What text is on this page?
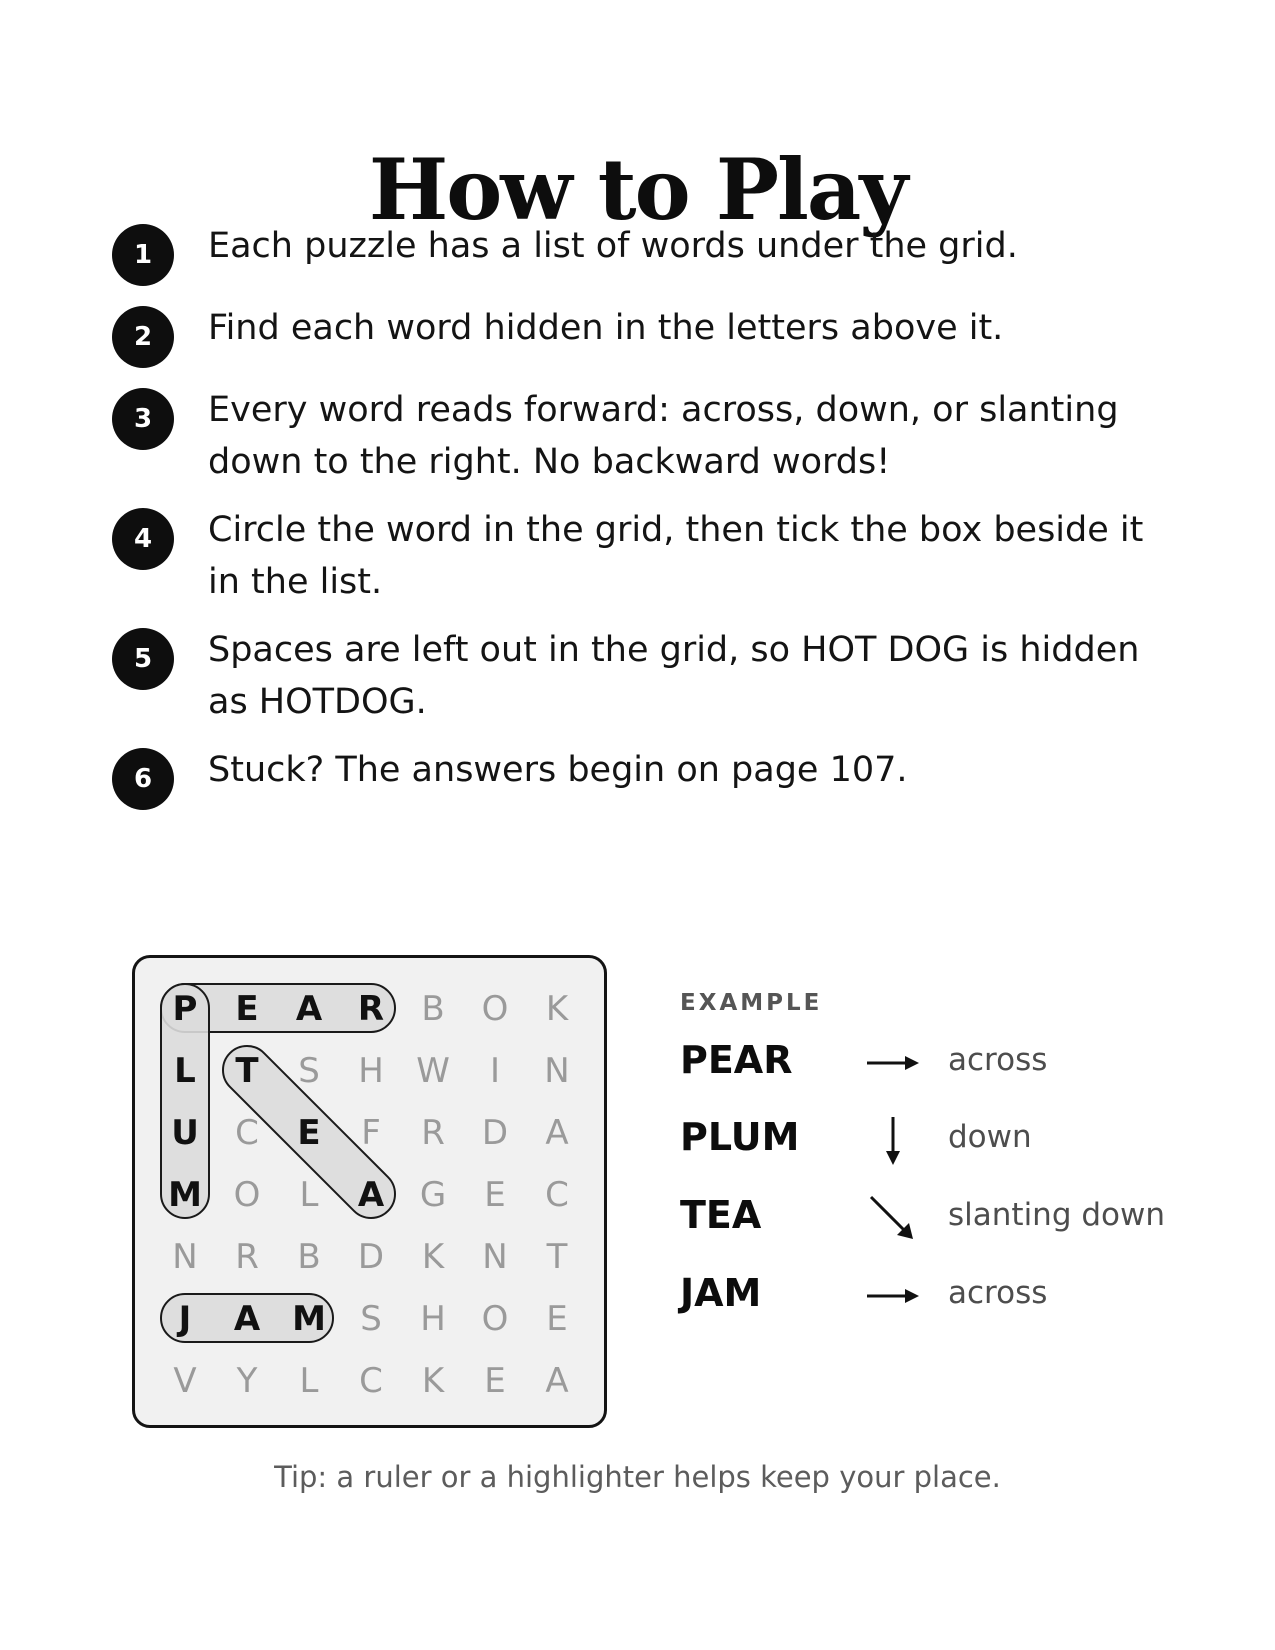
How to Play
1	Each puzzle has a list of words under the grid.
2	Find each word hidden in the letters above it.
3	Every word reads forward: across, down, or slanting down to the right. No backward words!
4	Circle the word in the grid, then tick the box beside it in the list.
5	Spaces are left out in the grid, so HOT DOG is hidden as HOTDOG.
6	Stuck? The answers begin on page 107.
P E A R B O K
L T S H W I N
U C E F R D A
M O L A G E C
N R B D K N T
J A M S H O E
V Y L C K E A
EXAMPLE
PEAR	across
PLUM	down
TEA	slanting down
JAM	across
Tip: a ruler or a highlighter helps keep your place.
